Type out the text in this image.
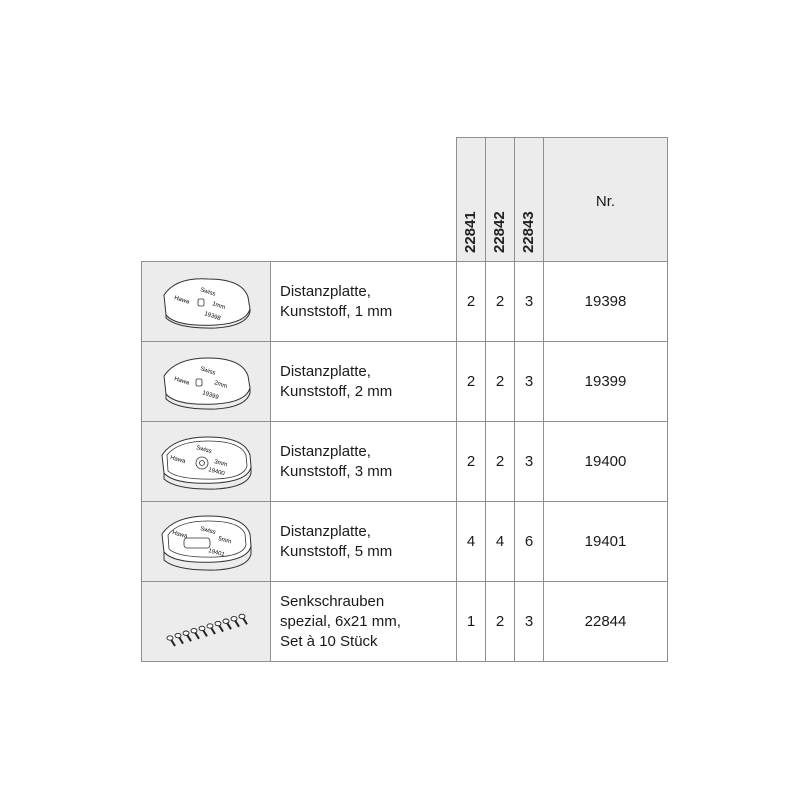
		22841	22842	22843	Nr.

Hawa
Swiss
1mm
19398	Distanzplatte,
Kunststoff, 1 mm	2	2	3	19398

Hawa
Swiss
2mm
19399	Distanzplatte,
Kunststoff, 2 mm	2	2	3	19399

Hawa
Swiss
3mm
19400	Distanzplatte,
Kunststoff, 3 mm	2	2	3	19400

Hawa Swiss
5mm
19401	Distanzplatte,
Kunststoff, 5 mm	4	4	6	19401

Senkschrauben
spezial, 6x21 mm,
Set à 10 Stück	1	2	3	22844
